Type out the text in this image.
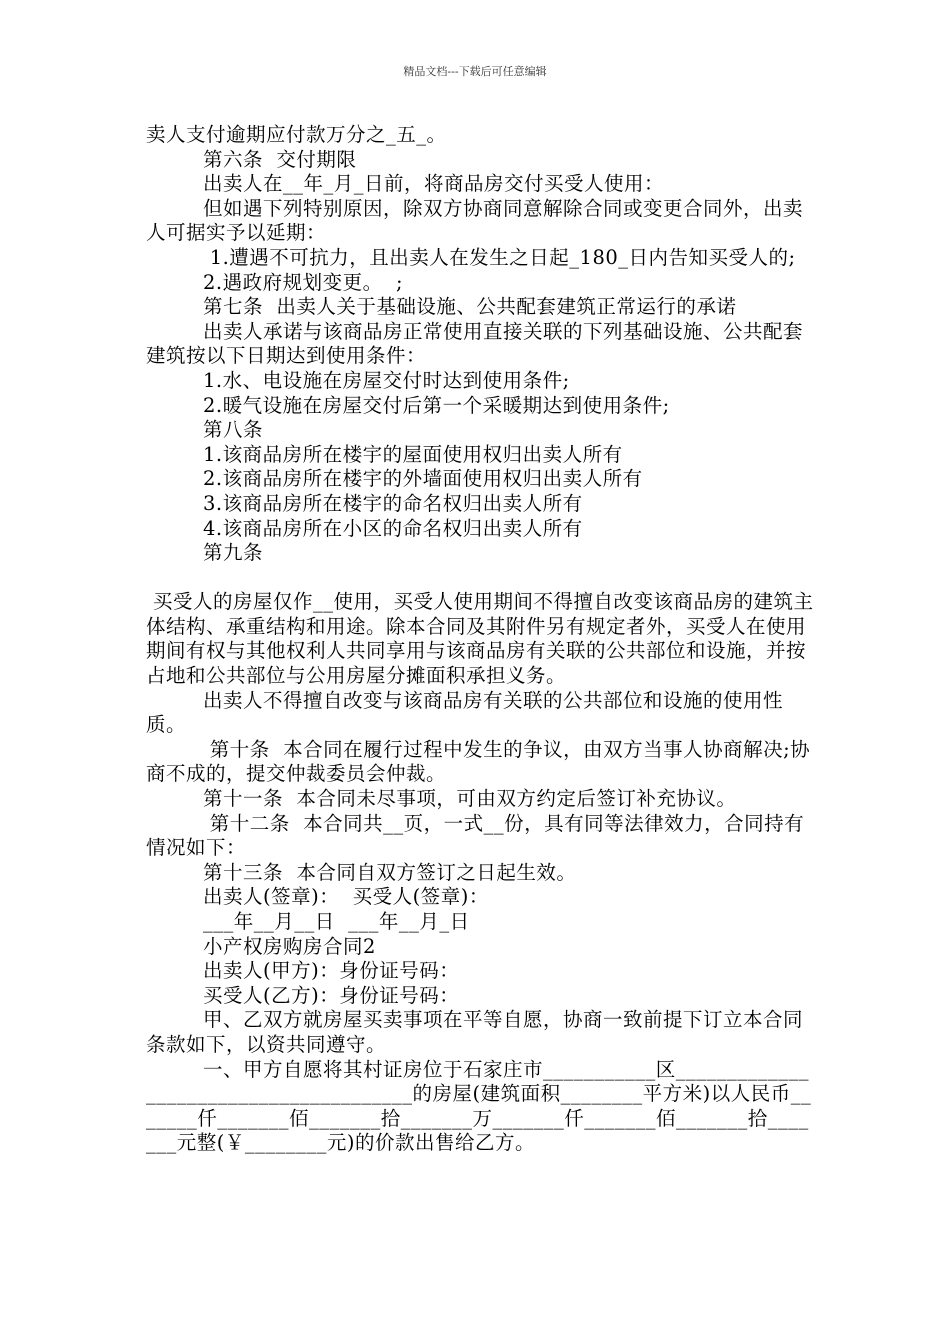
精品文档---下载后可任意编辑

卖人支付逾期应付款万分之_五_。

第六条  交付期限

出卖人在__年_月_日前，将商品房交付买受人使用：

但如遇下列特别原因，除双方协商同意解除合同或变更合同外，出卖人可据实予以延期：

1.遭遇不可抗力，且出卖人在发生之日起_180_日内告知买受人的;

2.遇政府规划变更。  ;

第七条  出卖人关于基础设施、公共配套建筑正常运行的承诺

出卖人承诺与该商品房正常使用直接关联的下列基础设施、公共配套建筑按以下日期达到使用条件：

1.水、电设施在房屋交付时达到使用条件;

2.暖气设施在房屋交付后第一个采暖期达到使用条件;

第八条

1.该商品房所在楼宇的屋面使用权归出卖人所有

2.该商品房所在楼宇的外墙面使用权归出卖人所有

3.该商品房所在楼宇的命名权归出卖人所有

4.该商品房所在小区的命名权归出卖人所有

第九条

买受人的房屋仅作__使用，买受人使用期间不得擅自改变该商品房的建筑主体结构、承重结构和用途。除本合同及其附件另有规定者外，买受人在使用期间有权与其他权利人共同享用与该商品房有关联的公共部位和设施，并按占地和公共部位与公用房屋分摊面积承担义务。

出卖人不得擅自改变与该商品房有关联的公共部位和设施的使用性质。

第十条  本合同在履行过程中发生的争议，由双方当事人协商解决;协商不成的，提交仲裁委员会仲裁。

第十一条  本合同未尽事项，可由双方约定后签订补充协议。

第十二条  本合同共__页，一式__份，具有同等法律效力，合同持有情况如下：

第十三条  本合同自双方签订之日起生效。

出卖人(签章)：  买受人(签章)：

___年__月__日  ___年__月_日

小产权房购房合同2

出卖人(甲方)：身份证号码：

买受人(乙方)：身份证号码：

甲、乙双方就房屋买卖事项在平等自愿，协商一致前提下订立本合同条款如下，以资共同遵守。

一、甲方自愿将其村证房位于石家庄市___________区_______________________________________的房屋(建筑面积________平方米)以人民币_______仟_______佰_______拾_______万_______仟_______佰_______拾_______元整(￥________元)的价款出售给乙方。
